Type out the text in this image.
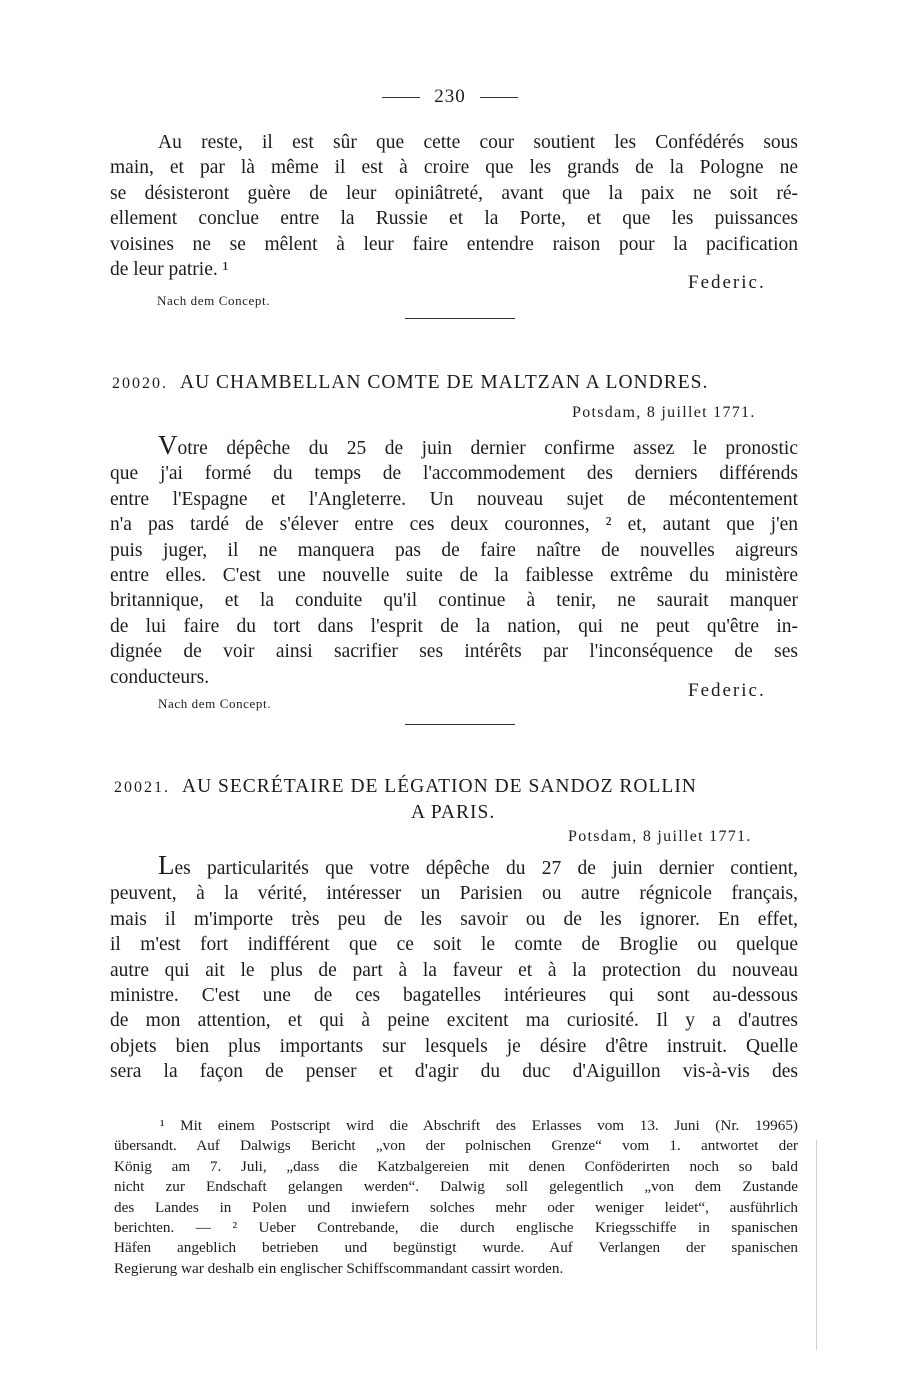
230
Au reste, il est sûr que cette cour soutient les Confédérés sous
main, et par là même il est à croire que les grands de la Pologne ne
se désisteront guère de leur opiniâtreté, avant que la paix ne soit ré-
ellement conclue entre la Russie et la Porte, et que les puissances
voisines ne se mêlent à leur faire entendre raison pour la pacification
de leur patrie. ¹
Federic.
Nach dem Concept.
20020. AU CHAMBELLAN COMTE DE MALTZAN A LONDRES.
Potsdam, 8 juillet 1771.
Votre dépêche du 25 de juin dernier confirme assez le pronostic
que j'ai formé du temps de l'accommodement des derniers différends
entre l'Espagne et l'Angleterre. Un nouveau sujet de mécontentement
n'a pas tardé de s'élever entre ces deux couronnes, ² et, autant que j'en
puis juger, il ne manquera pas de faire naître de nouvelles aigreurs
entre elles. C'est une nouvelle suite de la faiblesse extrême du ministère
britannique, et la conduite qu'il continue à tenir, ne saurait manquer
de lui faire du tort dans l'esprit de la nation, qui ne peut qu'être in-
dignée de voir ainsi sacrifier ses intérêts par l'inconséquence de ses
conducteurs.
Federic.
Nach dem Concept.
20021. AU SECRÉTAIRE DE LÉGATION DE SANDOZ ROLLIN
A PARIS.
Potsdam, 8 juillet 1771.
Les particularités que votre dépêche du 27 de juin dernier contient,
peuvent, à la vérité, intéresser un Parisien ou autre régnicole français,
mais il m'importe très peu de les savoir ou de les ignorer. En effet,
il m'est fort indifférent que ce soit le comte de Broglie ou quelque
autre qui ait le plus de part à la faveur et à la protection du nouveau
ministre. C'est une de ces bagatelles intérieures qui sont au-dessous
de mon attention, et qui à peine excitent ma curiosité. Il y a d'autres
objets bien plus importants sur lesquels je désire d'être instruit. Quelle
sera la façon de penser et d'agir du duc d'Aiguillon vis-à-vis des
¹ Mit einem Postscript wird die Abschrift des Erlasses vom 13. Juni (Nr. 19965)
übersandt. Auf Dalwigs Bericht „von der polnischen Grenze“ vom 1. antwortet der
König am 7. Juli, „dass die Katzbalgereien mit denen Conföderirten noch so bald
nicht zur Endschaft gelangen werden“. Dalwig soll gelegentlich „von dem Zustande
des Landes in Polen und inwiefern solches mehr oder weniger leidet“, ausführlich
berichten. — ² Ueber Contrebande, die durch englische Kriegsschiffe in spanischen
Häfen angeblich betrieben und begünstigt wurde. Auf Verlangen der spanischen
Regierung war deshalb ein englischer Schiffscommandant cassirt worden.
